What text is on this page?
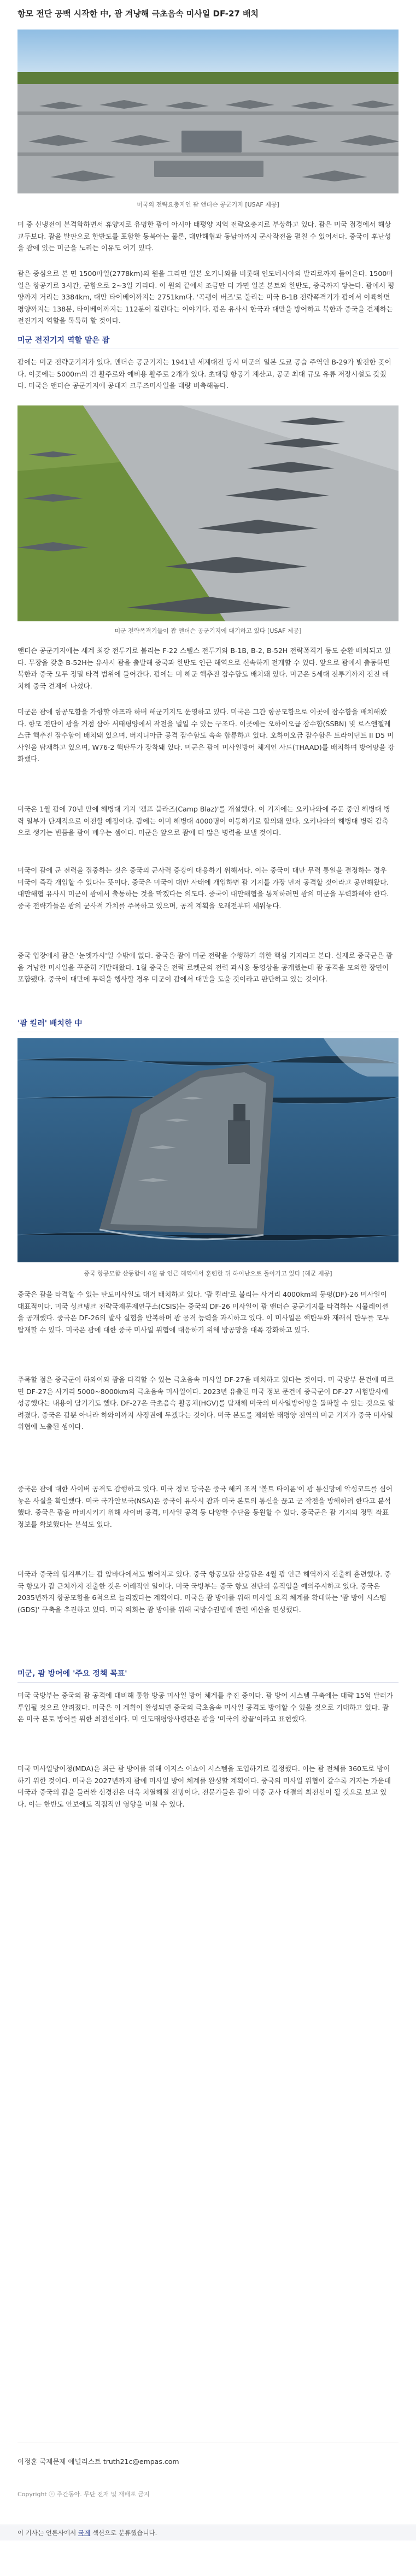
항모 전단 공백 시작한 中, 괌 겨냥해 극초음속 미사일 DF-27 배치
미국의 전략요충지인 괌 앤더슨 공군기지 [USAF 제공]

미 중 신냉전이 본격화하면서 휴양지로 유명한 괌이 아시아 태평양 지역 전략요충지로 부상하고 있다. 괌은 미국 접경에서 해상 교두보다. 괌을 발판으로 한반도를 포함한 동북아는 물론, 대만해협과 동남아까지 군사작전을 펼칠 수 있어서다. 중국이 후난성을 괌에 있는 미군을 노리는 이유도 여기 있다.

괌은 중심으로 본 면 1500마일(2778km)의 원을 그리면 일본 오키나와를 비롯해 인도네시아의 발리로까지 들어온다. 1500마일은 항공기로 3시간, 군함으로 2~3일 거리다. 이 원의 끝에서 조금만 더 가면 일본 본토와 한반도, 중국까지 닿는다. 괌에서 평양까지 거리는 3384km, 대만 타이베이까지는 2751km다. '곡괭이 버즈'로 불리는 미국 B-1B 전략폭격기가 괌에서 이륙하면 평양까지는 138분, 타이베이까지는 112분이 걸린다는 이야기다. 괌은 유사시 한국과 대만을 방어하고 북한과 중국을 견제하는 전진기지 역할을 톡톡히 할 것이다.

미군 전진기지 역할 맡은 괌

괌에는 미군 전략군기지가 있다. 앤더슨 공군기지는 1941년 세계대전 당시 미군의 일본 도쿄 공습 주역인 B-29가 발진한 곳이다. 이곳에는 5000m의 긴 활주로와 예비용 활주로 2개가 있다. 초대형 항공기 계산고, 공군 최대 규모 유류 저장시설도 갖췄다. 미국은 앤더슨 공군기지에 공대지 크루즈미사일을 대량 비축해놓다.

미군 전략폭격기들이 괌 앤더슨 공군기지에 대기하고 있다 [USAF 제공]

앤더슨 공군기지에는 세계 최강 전투기로 불리는 F-22 스텔스 전투기와 B-1B, B-2, B-52H 전략폭격기 등도 순환 배치되고 있다. 무장을 갖춘 B-52H는 유사시 괌을 출발해 중국과 한반도 인근 해역으로 신속하게 전개할 수 있다. 앞으로 괌에서 출동하면 북한과 중국 모두 정밀 타격 범위에 들어간다. 괌에는 미 해군 핵추진 잠수함도 배치돼 있다. 미군은 5세대 전투기까지 전진 배치해 중국 견제에 나섰다.

미군은 괌에 항공모함을 가항할 아프라 하버 해군기지도 운영하고 있다. 미국은 그간 항공모함으로 이곳에 잠수함을 배치해왔다. 항모 전단이 괌을 거점 삼아 서태평양에서 작전을 벌일 수 있는 구조다. 이곳에는 오하이오급 잠수함(SSBN) 및 로스앤젤레스급 핵추진 잠수함이 배치돼 있으며, 버지니아급 공격 잠수함도 속속 합류하고 있다. 오하이오급 잠수함은 트라이던트 II D5 미사일을 탑재하고 있으며, W76-2 핵탄두가 장착돼 있다. 미군은 괌에 미사일방어 체계인 사드(THAAD)를 배치하며 방어망을 강화했다.

미국은 1월 괌에 70년 만에 해병대 기지 '캠프 블라즈(Camp Blaz)'를 개설했다. 이 기지에는 오키나와에 주둔 중인 해병대 병력 일부가 단계적으로 이전할 예정이다. 괌에는 이미 해병대 4000명이 이동하기로 합의돼 있다. 오키나와의 해병대 병력 감축으로 생기는 빈틈을 괌이 메우는 셈이다. 미군은 앞으로 괌에 더 많은 병력을 보낼 것이다.

미국이 괌에 군 전력을 집중하는 것은 중국의 군사력 증강에 대응하기 위해서다. 이는 중국이 대만 무력 통일을 결정하는 경우 미국이 즉각 개입할 수 있다는 뜻이다. 중국은 미국이 대만 사태에 개입하면 괌 기지를 가장 먼저 공격할 것이라고 공언해왔다. 대만해협 유사시 미군이 괌에서 출동하는 것을 막겠다는 의도다. 중국이 대만해협을 통제하려면 괌의 미군을 무력화해야 한다. 중국 전략가들은 괌의 군사적 가치를 주목하고 있으며, 공격 계획을 오래전부터 세워놓다.

중국 입장에서 괌은 '눈엣가시'일 수밖에 없다. 중국은 괌이 미군 전략을 수행하기 위한 핵심 기지라고 본다. 실제로 중국군은 괌을 겨냥한 미사일을 꾸준히 개발해왔다. 1월 중국은 전략 로켓군의 전력 과시용 동영상을 공개했는데 괌 공격을 모의한 장면이 포함됐다. 중국이 대만에 무력을 행사할 경우 미군이 괌에서 대만을 도울 것이라고 판단하고 있는 것이다.

'괌 킬러' 배치한 中
중국 항공모함 산둥함이 4월 괌 인근 해역에서 훈련한 뒤 하이난으로 돌아가고 있다 [해군 제공]

중국은 괌을 타격할 수 있는 탄도미사일도 대거 배치하고 있다. '괌 킬러'로 불리는 사거리 4000km의 둥펑(DF)-26 미사일이 대표적이다. 미국 싱크탱크 전략국제문제연구소(CSIS)는 중국의 DF-26 미사일이 괌 앤더슨 공군기지를 타격하는 시뮬레이션을 공개했다. 중국은 DF-26의 발사 실험을 반복하며 괌 공격 능력을 과시하고 있다. 이 미사일은 핵탄두와 재래식 탄두를 모두 탑재할 수 있다. 미국은 괌에 대한 중국 미사일 위협에 대응하기 위해 방공망을 대폭 강화하고 있다.

주목할 점은 중국군이 하와이와 괌을 타격할 수 있는 극초음속 미사일 DF-27을 배치하고 있다는 것이다. 미 국방부 문건에 따르면 DF-27은 사거리 5000~8000km의 극초음속 미사일이다. 2023년 유출된 미국 정보 문건에 중국군이 DF-27 시험발사에 성공했다는 내용이 담기기도 했다. DF-27은 극초음속 활공체(HGV)를 탑재해 미국의 미사일방어망을 돌파할 수 있는 것으로 알려졌다. 중국은 괌뿐 아니라 하와이까지 사정권에 두겠다는 것이다. 미국 본토를 제외한 태평양 전역의 미군 기지가 중국 미사일 위협에 노출된 셈이다.

중국은 괌에 대한 사이버 공격도 감행하고 있다. 미국 정보 당국은 중국 해커 조직 '볼트 타이푼'이 괌 통신망에 악성코드를 심어 놓은 사실을 확인했다. 미국 국가안보국(NSA)은 중국이 유사시 괌과 미국 본토의 통신을 끊고 군 작전을 방해하려 한다고 분석했다. 중국은 괌을 마비시키기 위해 사이버 공격, 미사일 공격 등 다양한 수단을 동원할 수 있다. 중국군은 괌 기지의 정밀 좌표 정보를 확보했다는 분석도 있다.

미국과 중국의 힘겨루기는 괌 앞바다에서도 벌어지고 있다. 중국 항공모함 산둥함은 4월 괌 인근 해역까지 진출해 훈련했다. 중국 항모가 괌 근처까지 진출한 것은 이례적인 일이다. 미국 국방부는 중국 항모 전단의 움직임을 예의주시하고 있다. 중국은 2035년까지 항공모함을 6척으로 늘리겠다는 계획이다. 미국은 괌 방어를 위해 미사일 요격 체계를 확대하는 '괌 방어 시스템(GDS)' 구축을 추진하고 있다. 미국 의회는 괌 방어를 위해 국방수권법에 관련 예산을 편성했다.

미군, 괌 방어에 '주요 정책 목표'

미국 국방부는 중국의 괌 공격에 대비해 통합 방공 미사일 방어 체계를 추진 중이다. 괌 방어 시스템 구축에는 대략 15억 달러가 투입될 것으로 알려졌다. 미국은 이 계획이 완성되면 중국의 극초음속 미사일 공격도 방어할 수 있을 것으로 기대하고 있다. 괌은 미국 본토 방어를 위한 최전선이다. 미 인도태평양사령관은 괌을 '미국의 창끝'이라고 표현했다.

미국 미사일방어청(MDA)은 최근 괌 방어를 위해 이지스 어쇼어 시스템을 도입하기로 결정했다. 이는 괌 전체를 360도로 방어하기 위한 것이다. 미국은 2027년까지 괌에 미사일 방어 체계를 완성할 계획이다. 중국의 미사일 위협이 갈수록 커지는 가운데 미국과 중국의 괌을 둘러싼 신경전은 더욱 치열해질 전망이다. 전문가들은 괌이 미중 군사 대결의 최전선이 될 것으로 보고 있다. 이는 한반도 안보에도 직접적인 영향을 미칠 수 있다.

이정훈 국제문제 애널리스트 truth21c@empas.com
Copyright ⓒ 주간동아. 무단 전재 및 재배포 금지
이 기사는 언론사에서 국제 섹션으로 분류했습니다.
